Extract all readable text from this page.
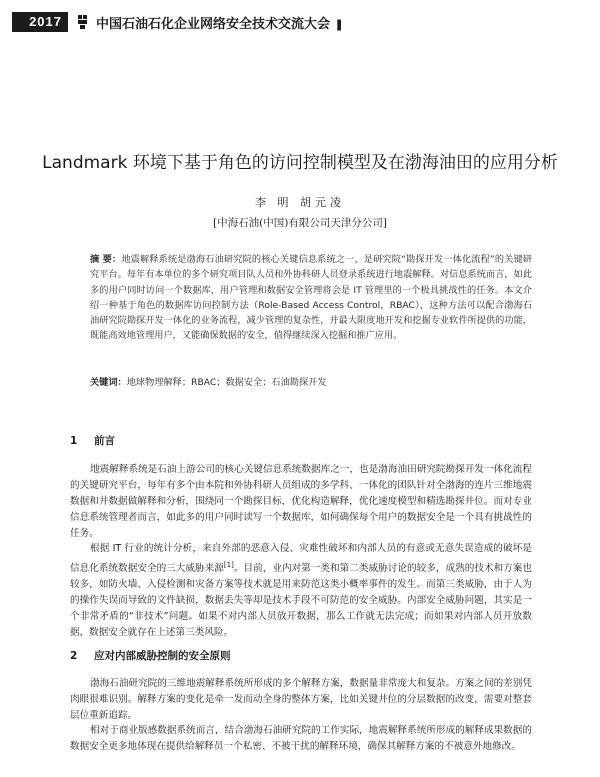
2017	中国石油石化企业网络安全技术交流大会 ❚
Landmark 环境下基于角色的访问控制模型及在渤海油田的应用分析
李 明 胡元凌
[中海石油(中国)有限公司天津分公司]
摘 要：地震解释系统是渤海石油研究院的核心关键信息系统之一，是研究院“勘探开发一体化流程”的关键研究平台。每年有本单位的多个研究项目队人员和外协科研人员登录系统进行地震解释。对信息系统而言，如此多的用户同时访问一个数据库，用户管理和数据安全管理将会是 IT 管理里的一个极具挑战性的任务。本文介绍一种基于角色的数据库访问控制方法（Role-Based Access Control，RBAC），这种方法可以配合渤海石油研究院勘探开发一体化的业务流程，减少管理的复杂性，并最大限度地开发和挖掘专业软件所提供的功能，既能高效地管理用户，又能确保数据的安全，值得继续深入挖掘和推广应用。
关键词：地球物理解释；RBAC；数据安全；石油勘探开发
1 前言

地震解释系统是石油上游公司的核心关键信息系统数据库之一，也是渤海油田研究院勘探开发一体化流程的关键研究平台，每年有多个由本院和外协科研人员组成的多学科、一体化的团队针对全渤海的连片三维地震数据和井数据做解释和分析，围绕同一个勘探目标，优化构造解释，优化速度模型和精选勘探井位。而对专业信息系统管理者而言，如此多的用户同时读写一个数据库，如何确保每个用户的数据安全是一个具有挑战性的任务。

根据 IT 行业的统计分析，来自外部的恶意入侵、灾难性破坏和内部人员的有意或无意失误造成的破坏是信息化系统数据安全的三大威胁来源[1]。目前，业内对第一类和第二类威胁讨论的较多，成熟的技术和方案也较多，如防火墙、入侵检测和灾备方案等技术就是用来防范这类小概率事件的发生。而第三类威胁，由于人为的操作失误而导致的文件缺损，数据丢失等却是技术手段不可防范的安全威胁。内部安全威胁问题，其实是一个非常矛盾的“非技术”问题。如果不对内部人员放开数据，那么工作就无法完成；而如果对内部人员开放数据，数据安全就存在上述第三类风险。

2 应对内部威胁控制的安全原则

渤海石油研究院的三维地震解释系统所形成的多个解释方案，数据量非常庞大和复杂。方案之间的差别凭肉眼很难识别。解释方案的变化是牵一发而动全身的整体方案，比如关键井位的分层数据的改变，需要对整套层位重新追踪。

相对于商业版感数据系统而言，结合渤海石油研究院的工作实际，地震解释系统所形成的解释成果数据的数据安全更多地体现在提供给解释员一个私密、不被干扰的解释环境，确保其解释方案的不被意外地修改。
